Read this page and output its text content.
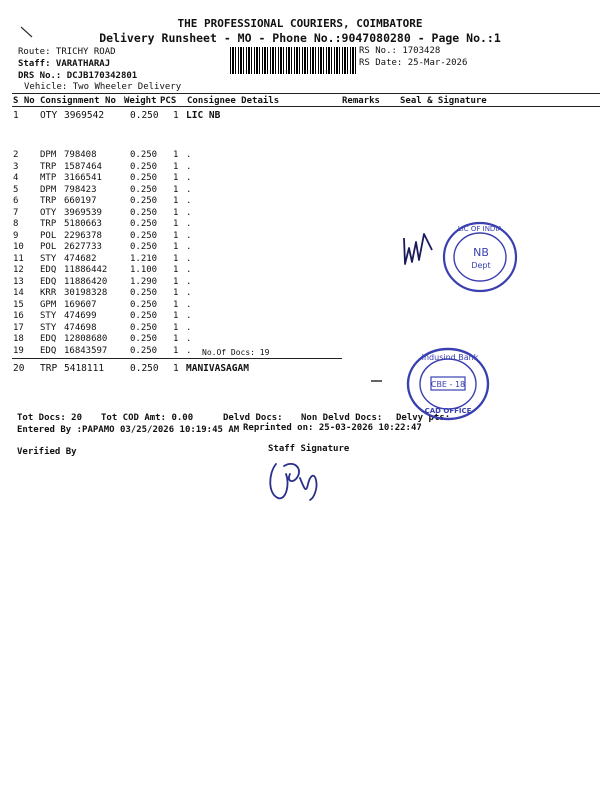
THE PROFESSIONAL COURIERS, COIMBATORE
Delivery Runsheet - MO - Phone No.:9047080280 - Page No.:1
Route: TRICHY ROAD
Staff: VARATHARAJ
DRS No.: DCJB170342801
Vehicle: Two Wheeler Delivery
RS No.: 1703428
RS Date: 25-Mar-2026
S No Consignment No Weight PCS Consignee Details	Remarks Seal & Signature
1 OTY 3969542	0.250 1 LIC NB
2 DPM 798408	0.250 1 .
3 TRP 1587464	0.250 1 .
4 MTP 3166541	0.250 1 .
5 DPM 798423	0.250 1 .
6 TRP 660197	0.250 1 .
7 OTY 3969539	0.250 1 .
8 TRP 5180663	0.250 1 .
9 POL 2296378	0.250 1 .
10 POL 2627733	0.250 1 .
11 STY 474682	1.210 1 .
12 EDQ 11886442	1.100 1 .
13 EDQ 11886420	1.290 1 .
14 KRR 30198328	0.250 1 .
15 GPM 169607	0.250 1 .
16 STY 474699	0.250 1 .
17 STY 474698	0.250 1 .
18 EDQ 12808680	0.250 1 .
19 EDQ 16843597	0.250 1 .
20 TRP 5418111	0.250 1 MANIVASAGAM
No.Of Docs: 19
Tot Docs: 20 Tot COD Amt: 0.00	Delvd Docs: Non Delvd Docs: Delvy pts:
Entered By :PAPAMO 03/25/2026 10:19:45 AM Reprinted on: 25-03-2026 10:22:47
Verified By	Staff Signature
LIC OF INDIA
NB
Dept
Indusind Bank
CBE - 18
CAD OFFICE
